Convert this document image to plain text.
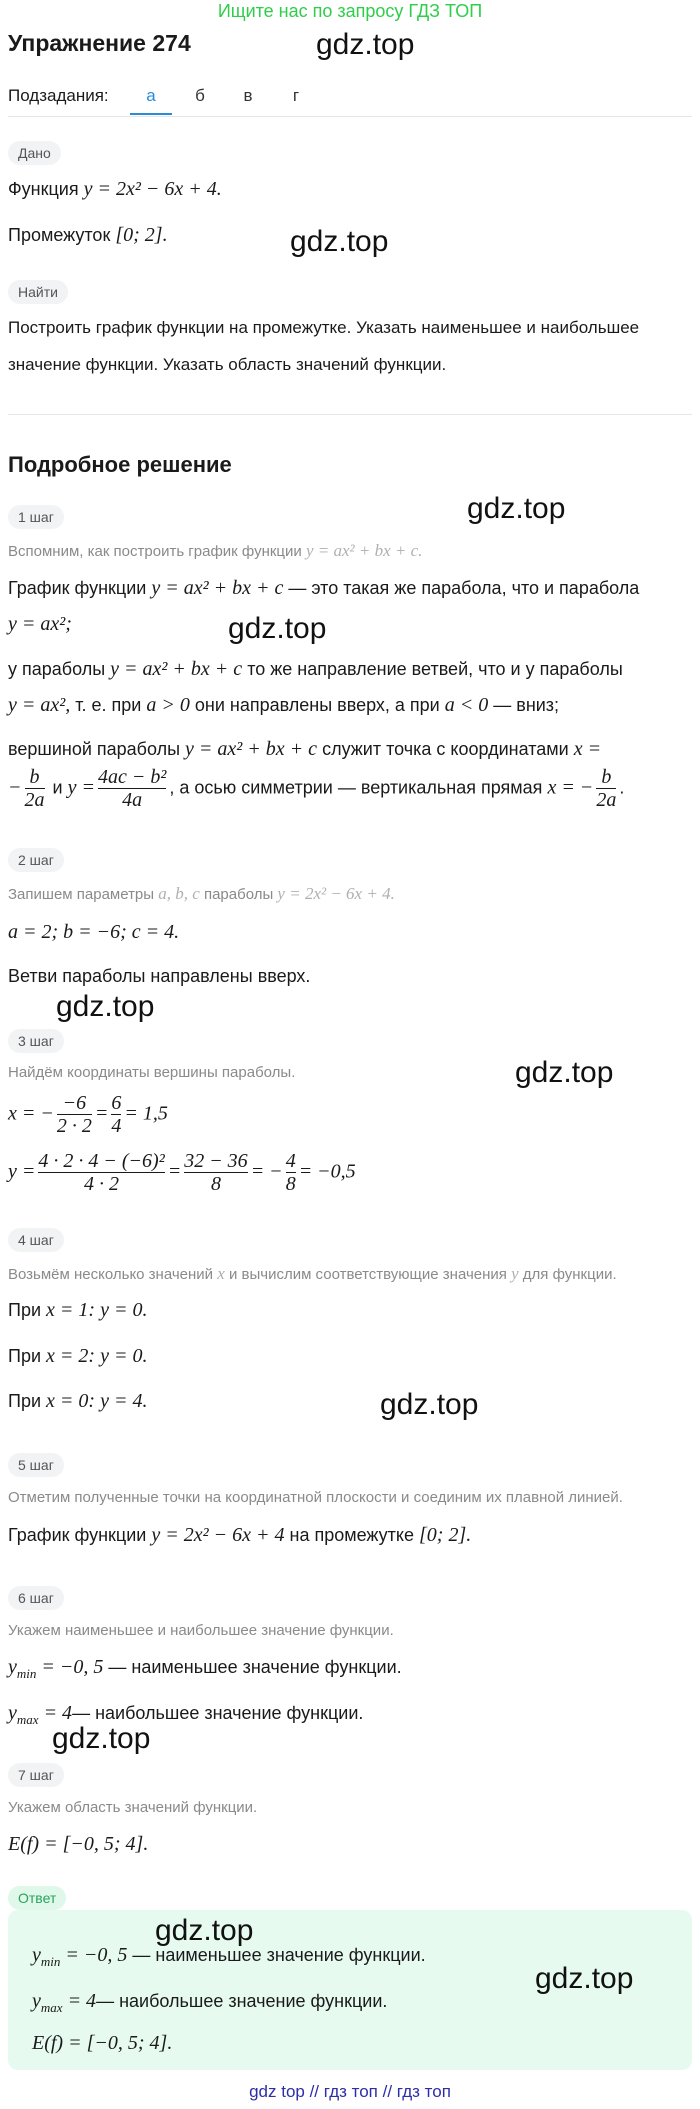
Ищите нас по запросу ГДЗ ТОП
Упражнение 274
Подзадания:	а	б	в	г
Дано
Функция y = 2x² − 6x + 4.
Промежуток [0; 2].
Найти
Построить график функции на промежутке. Указать наименьшее и наибольшее
значение функции. Указать область значений функции.
Подробное решение
1 шаг
Вспомним, как построить график функции y = ax² + bx + c.
График функции y = ax² + bx + c — это такая же парабола, что и парабола
y = ax²;
у параболы y = ax² + bx + c то же направление ветвей, что и у параболы
y = ax², т. е. при a > 0 они направлены вверх, а при a < 0 — вниз;
вершиной параболы y = ax² + bx + c служит точка с координатами x =
− $\frac{b}{2a}$ и $y = \frac{\text{4ac − b²}}{4a}$ , а осью симметрии — вертикальная прямая x = − $\frac{b}{2a}$ .
2 шаг
Запишем параметры a, b, c параболы y = 2x² − 6x + 4.
a = 2; b = −6; c = 4.
Ветви параболы направлены вверх.
3 шаг
Найдём координаты вершины параболы.
x = − $\frac{-6}{2 \cdot 2} = \frac{6}{4} = 1,5$
$y = \frac{\text{4 · 2 · 4 − (−6)²}}{4 \cdot 2} = \frac{32 - 36}{8}$ = − $\frac{4}{8} = -0,5$
4 шаг
Возьмём несколько значений x и вычислим соответствующие значения y для функции.
При x = 1: y = 0.
При x = 2: y = 0.
При x = 0: y = 4.
5 шаг
Отметим полученные точки на координатной плоскости и соединим их плавной линией.
График функции y = 2x² − 6x + 4 на промежутке [0; 2].
6 шаг
Укажем наименьшее и наибольшее значение функции.
$y_{min} = -0$, 5 — наименьшее значение функции.
$y_{max}$ = 4— наибольшее значение функции.
7 шаг
Укажем область значений функции.
E(f) = [−0, 5; 4].
Ответ
$y_{min} = -0$, 5 — наименьшее значение функции.
$y_{max}$ = 4— наибольшее значение функции.
E(f) = [−0, 5; 4].
gdz.top
gdz.top
gdz.top
gdz.top
gdz.top
gdz.top
gdz.top
gdz.top
gdz.top
gdz.top
gdz top // гдз топ // гдз топ
